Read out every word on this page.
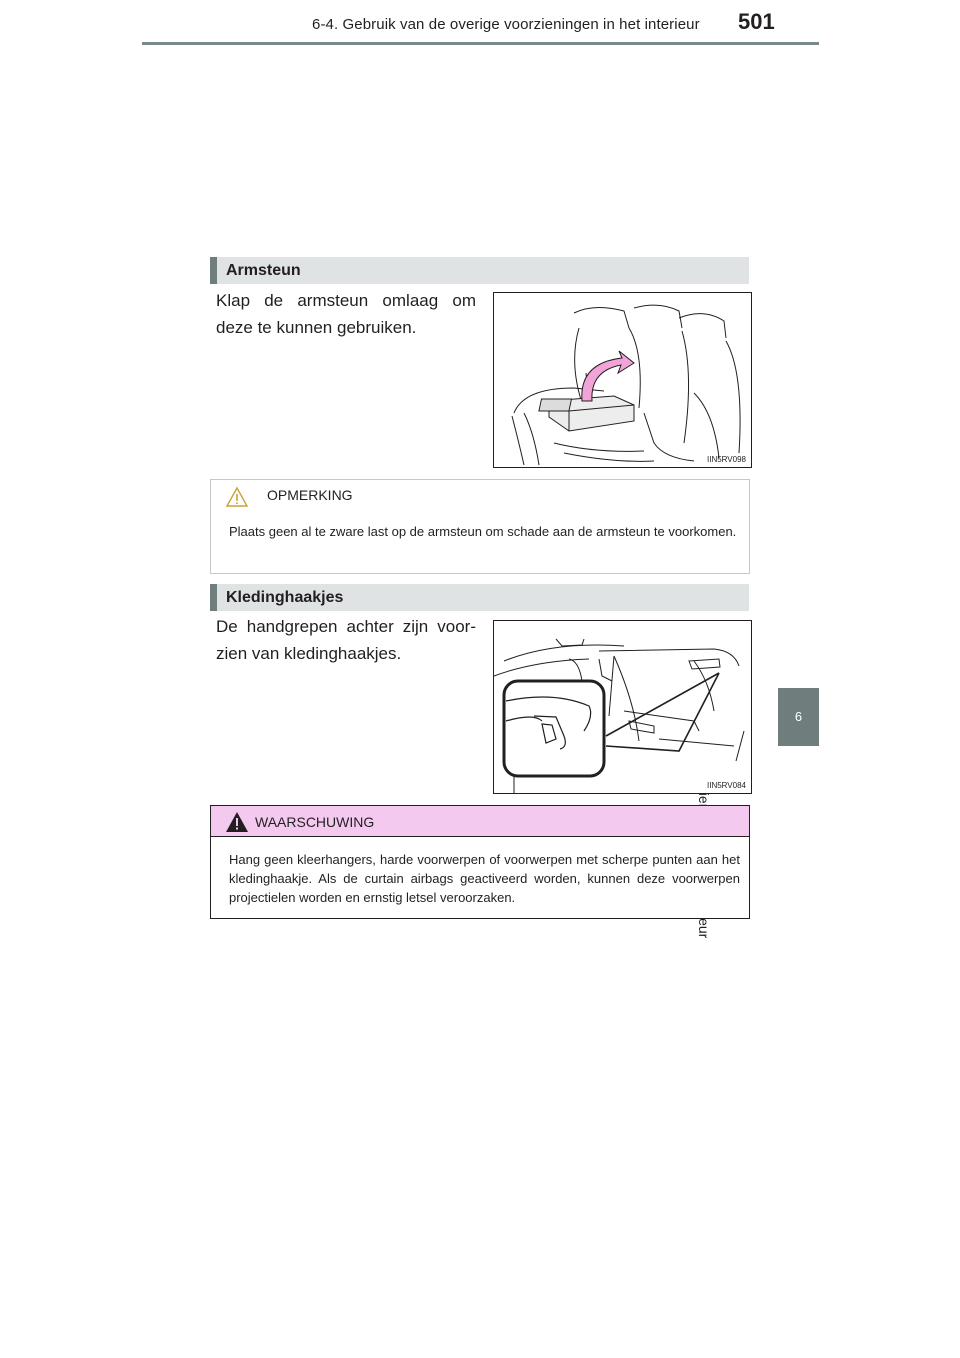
6-4. Gebruik van de overige voorzieningen in het interieur 501
6
Armsteun
Klap de armsteun omlaag om deze te kunnen gebruiken.
IIN5RV098
OPMERKING
Plaats geen al te zware last op de armsteun om schade aan de armsteun te voorkomen.
Kledinghaakjes
De handgrepen achter zijn voor-zien van kledinghaakjes.
IIN5RV084
WAARSCHUWING
Hang geen kleerhangers, harde voorwerpen of voorwerpen met scherpe punten aan het kledinghaakje. Als de curtain airbags geactiveerd worden, kunnen deze voorwerpen projectielen worden en ernstig letsel veroorzaken.
